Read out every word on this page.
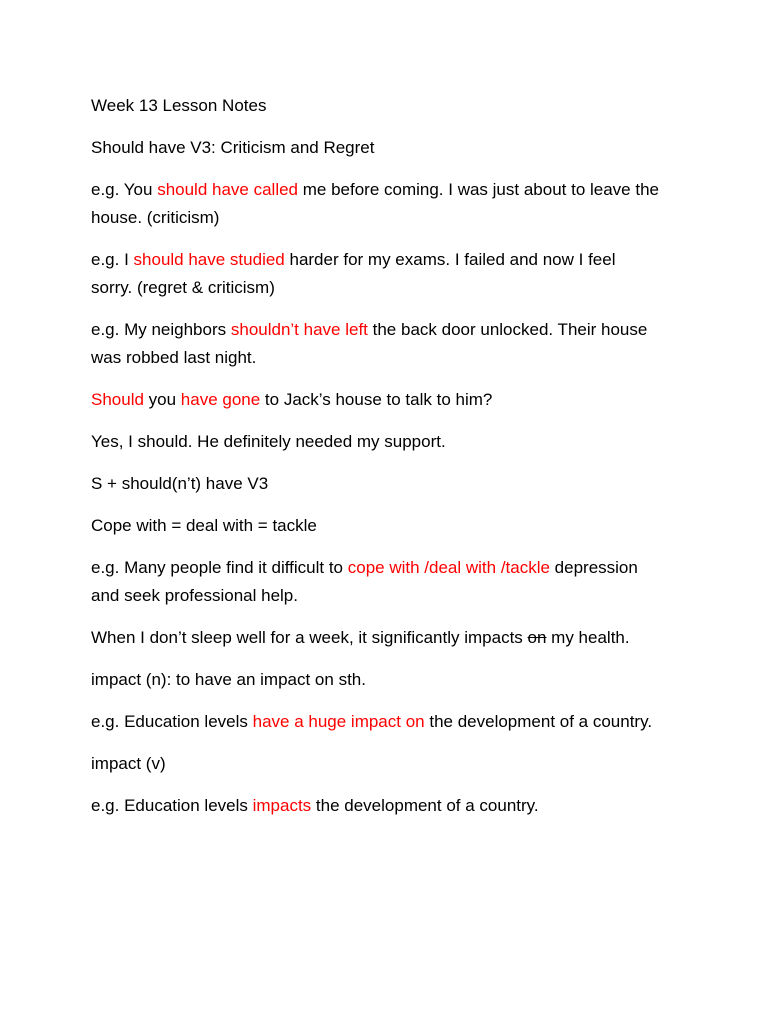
Week 13 Lesson Notes

Should have V3: Criticism and Regret

e.g. You should have called me before coming. I was just about to leave the house. (criticism)

e.g. I should have studied harder for my exams. I failed and now I feel sorry. (regret & criticism)

e.g. My neighbors shouldn’t have left the back door unlocked. Their house was robbed last night.

Should you have gone to Jack’s house to talk to him?

Yes, I should. He definitely needed my support.

S + should(n’t) have V3

Cope with = deal with = tackle

e.g. Many people find it difficult to cope with /deal with /tackle depression and seek professional help.

When I don’t sleep well for a week, it significantly impacts on my health.

impact (n): to have an impact on sth.

e.g. Education levels have a huge impact on the development of a country.

impact (v)

e.g. Education levels impacts the development of a country.
